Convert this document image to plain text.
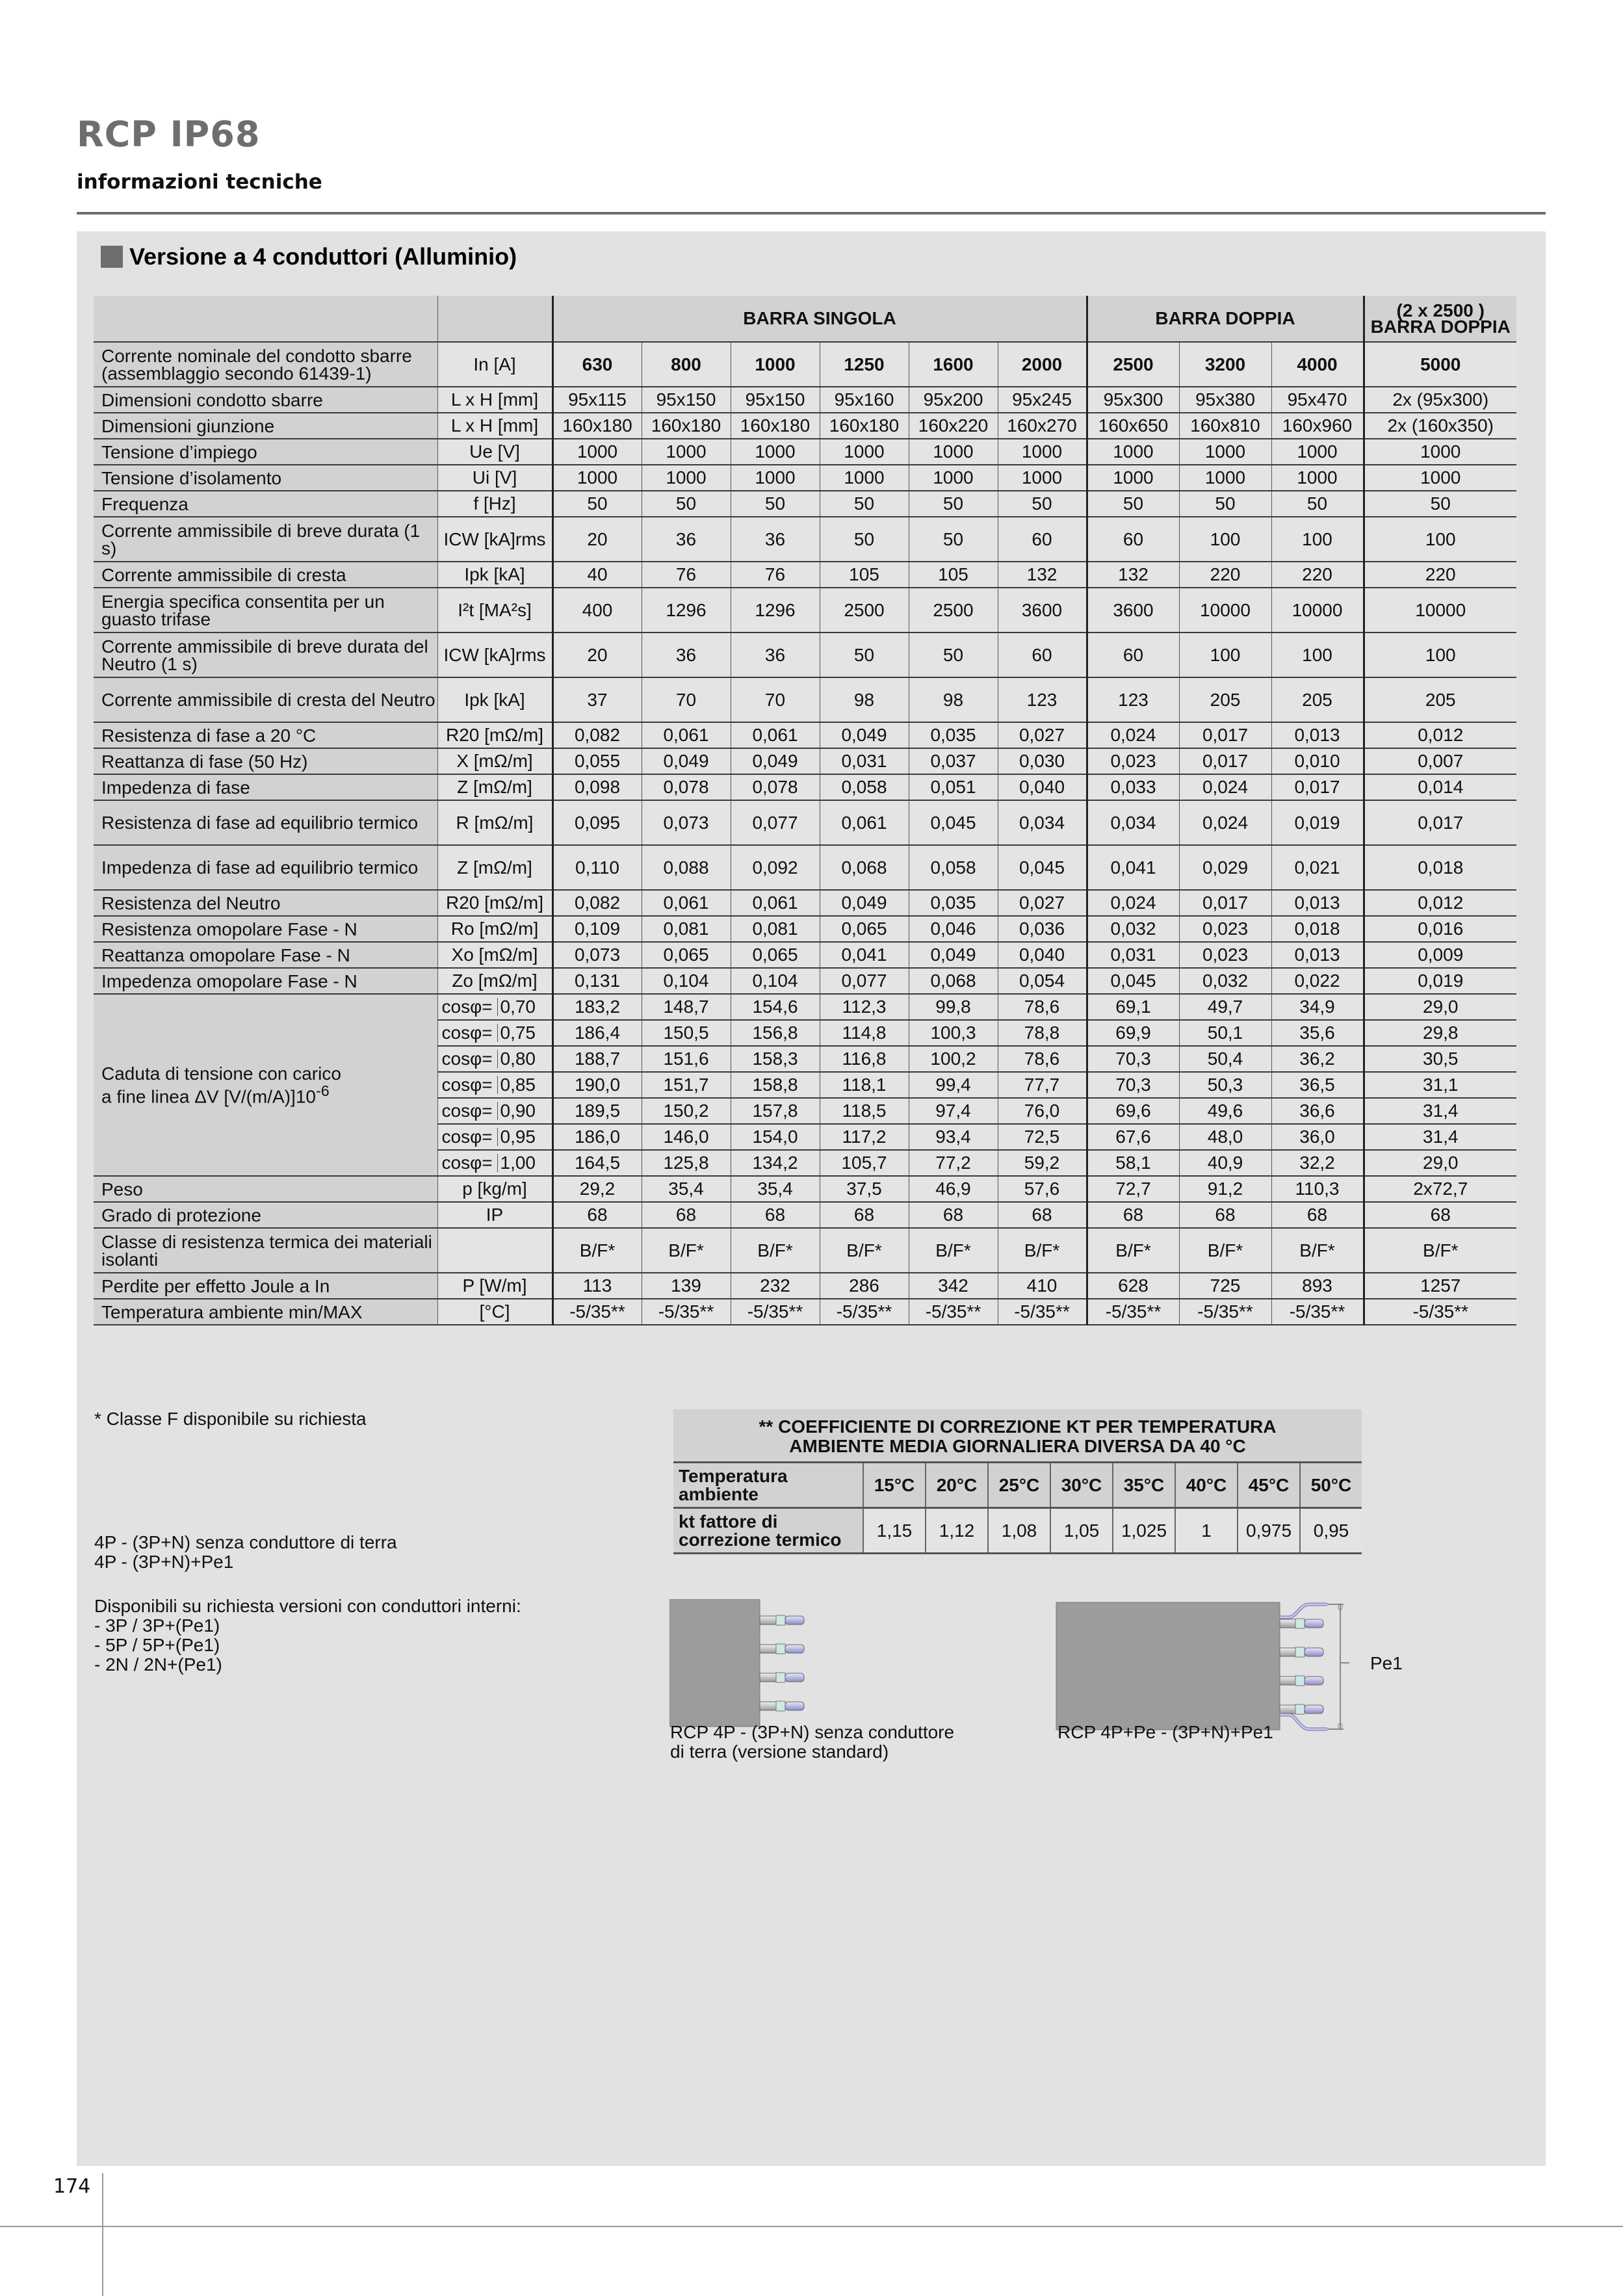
RCP IP68
informazioni tecniche
Versione a 4 conduttori (Alluminio)
		BARRA SINGOLA						BARRA DOPPIA			(2 x 2500 )
BARRA DOPPIA
Corrente nominale del condotto sbarre (assemblaggio secondo 61439-1)	In [A]	630	800	1000	1250	1600	2000	2500	3200	4000	5000
Dimensioni condotto sbarre	L x H [mm]	95x115	95x150	95x150	95x160	95x200	95x245	95x300	95x380	95x470	2x (95x300)
Dimensioni giunzione	L x H [mm]	160x180	160x180	160x180	160x180	160x220	160x270	160x650	160x810	160x960	2x (160x350)
Tensione d’impiego	Ue [V]	1000	1000	1000	1000	1000	1000	1000	1000	1000	1000
Tensione d’isolamento	Ui [V]	1000	1000	1000	1000	1000	1000	1000	1000	1000	1000
Frequenza	f [Hz]	50	50	50	50	50	50	50	50	50	50
Corrente ammissibile di breve durata (1 s)	ICW [kA]rms	20	36	36	50	50	60	60	100	100	100
Corrente ammissibile di cresta	Ipk [kA]	40	76	76	105	105	132	132	220	220	220
Energia specifica consentita per un guasto trifase	I²t [MA²s]	400	1296	1296	2500	2500	3600	3600	10000	10000	10000
Corrente ammissibile di breve durata del Neutro (1 s)	ICW [kA]rms	20	36	36	50	50	60	60	100	100	100
Corrente ammissibile di cresta del Neutro	Ipk [kA]	37	70	70	98	98	123	123	205	205	205
Resistenza di fase a 20 °C	R20 [mΩ/m]	0,082	0,061	0,061	0,049	0,035	0,027	0,024	0,017	0,013	0,012
Reattanza di fase (50 Hz)	X [mΩ/m]	0,055	0,049	0,049	0,031	0,037	0,030	0,023	0,017	0,010	0,007
Impedenza di fase	Z [mΩ/m]	0,098	0,078	0,078	0,058	0,051	0,040	0,033	0,024	0,017	0,014
Resistenza di fase ad equilibrio termico	R [mΩ/m]	0,095	0,073	0,077	0,061	0,045	0,034	0,034	0,024	0,019	0,017
Impedenza di fase ad equilibrio termico	Z [mΩ/m]	0,110	0,088	0,092	0,068	0,058	0,045	0,041	0,029	0,021	0,018
Resistenza del Neutro	R20 [mΩ/m]	0,082	0,061	0,061	0,049	0,035	0,027	0,024	0,017	0,013	0,012
Resistenza omopolare Fase - N	Ro [mΩ/m]	0,109	0,081	0,081	0,065	0,046	0,036	0,032	0,023	0,018	0,016
Reattanza omopolare Fase - N	Xo [mΩ/m]	0,073	0,065	0,065	0,041	0,049	0,040	0,031	0,023	0,013	0,009
Impedenza omopolare Fase - N	Zo [mΩ/m]	0,131	0,104	0,104	0,077	0,068	0,054	0,045	0,032	0,022	0,019
Caduta di tensione con carico
a fine linea ΔV $[V/(m/A)]10^{-6}$	cosφ= 0,70	183,2	148,7	154,6	112,3	99,8	78,6	69,1	49,7	34,9	29,0
	cosφ= 0,75	186,4	150,5	156,8	114,8	100,3	78,8	69,9	50,1	35,6	29,8
	cosφ= 0,80	188,7	151,6	158,3	116,8	100,2	78,6	70,3	50,4	36,2	30,5
	cosφ= 0,85	190,0	151,7	158,8	118,1	99,4	77,7	70,3	50,3	36,5	31,1
	cosφ= 0,90	189,5	150,2	157,8	118,5	97,4	76,0	69,6	49,6	36,6	31,4
	cosφ= 0,95	186,0	146,0	154,0	117,2	93,4	72,5	67,6	48,0	36,0	31,4
	cosφ= 1,00	164,5	125,8	134,2	105,7	77,2	59,2	58,1	40,9	32,2	29,0
Peso	p [kg/m]	29,2	35,4	35,4	37,5	46,9	57,6	72,7	91,2	110,3	2x72,7
Grado di protezione	IP	68	68	68	68	68	68	68	68	68	68
Classe di resistenza termica dei materiali isolanti		B/F*	B/F*	B/F*	B/F*	B/F*	B/F*	B/F*	B/F*	B/F*	B/F*
Perdite per effetto Joule a In	P [W/m]	113	139	232	286	342	410	628	725	893	1257
Temperatura ambiente min/MAX	[°C]	-5/35**	-5/35**	-5/35**	-5/35**	-5/35**	-5/35**	-5/35**	-5/35**	-5/35**	-5/35**
* Classe F disponibile su richiesta
4P - (3P+N) senza conduttore di terra
4P - (3P+N)+Pe1
Disponibili su richiesta versioni con conduttori interni:
- 3P / 3P+(Pe1)
- 5P / 5P+(Pe1)
- 2N / 2N+(Pe1)
** COEFFICIENTE DI CORREZIONE KT PER TEMPERATURA
AMBIENTE MEDIA GIORNALIERA DIVERSA DA 40 °C								
Temperatura ambiente	15°C	20°C	25°C	30°C	35°C	40°C	45°C	50°C
kt fattore di correzione termico	1,15	1,12	1,08	1,05	1,025	1	0,975	0,95
Pe1
RCP 4P - (3P+N) senza conduttore
di terra (versione standard)
RCP 4P+Pe - (3P+N)+Pe1
174
